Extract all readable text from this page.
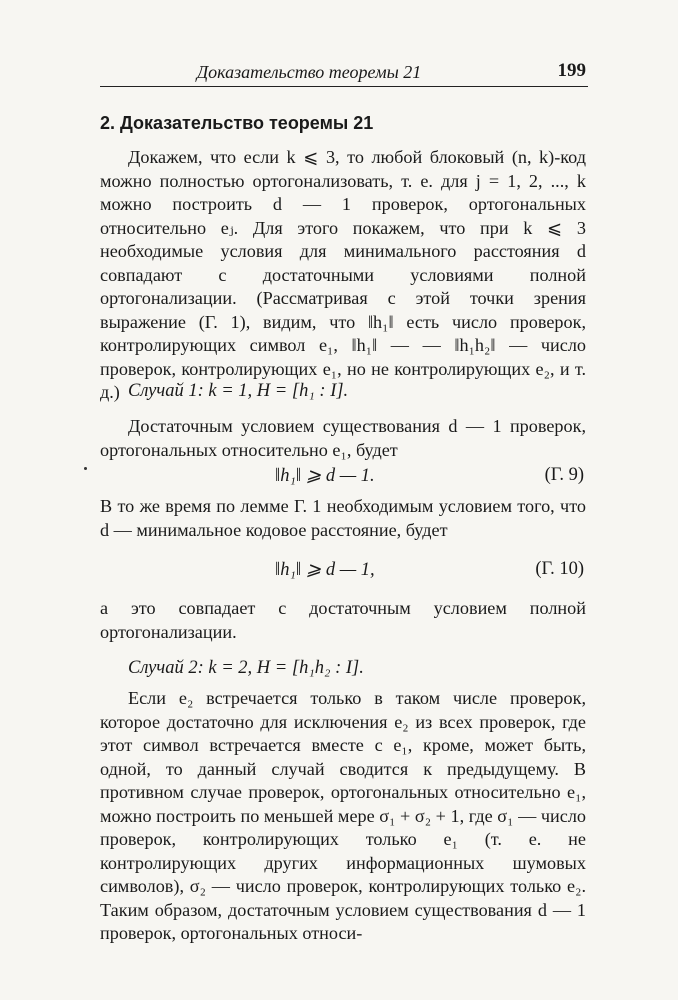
Доказательство теоремы 21	199
2. Доказательство теоремы 21

Докажем, что если k ⩽ 3, то любой блоковый (n, k)-код можно полностью ортогонализовать, т. е. для j = 1, 2, ..., k можно построить d — 1 проверок, ортогональных относительно eⱼ. Для этого покажем, что при k ⩽ 3 необходимые условия для минимального расстояния d совпадают с достаточными условиями полной ортогонализации. (Рассматривая с этой точки зрения выражение (Г. 1), видим, что ‖h₁‖ есть число проверок, контролирующих символ e₁, ‖h₁‖ — — ‖h₁h₂‖ — число проверок, контролирующих e₁, но не контролирующих e₂, и т. д.) Случай 1: k = 1, H = [h₁ : I].

Достаточным условием существования d — 1 проверок, ортогональных относительно e₁, будет

‖h₁‖ ⩾ d — 1.	(Г. 9)

В то же время по лемме Г. 1 необходимым условием того, что d — минимальное кодовое расстояние, будет

‖h₁‖ ⩾ d — 1,	(Г. 10)

а это совпадает с достаточным условием полной ортогонализации.

Случай 2: k = 2, H = [h₁h₂ : I].

Если e₂ встречается только в таком числе проверок, которое достаточно для исключения e₂ из всех проверок, где этот символ встречается вместе с e₁, кроме, может быть, одной, то данный случай сводится к предыдущему. В противном случае проверок, ортогональных относительно e₁, можно построить по меньшей мере σ₁ + σ₂ + 1, где σ₁ — число проверок, контролирующих только e₁ (т. е. не контролирующих других информационных шумовых символов), σ₂ — число проверок, контролирующих только e₂. Таким образом, достаточным условием существования d — 1 проверок, ортогональных относи-
